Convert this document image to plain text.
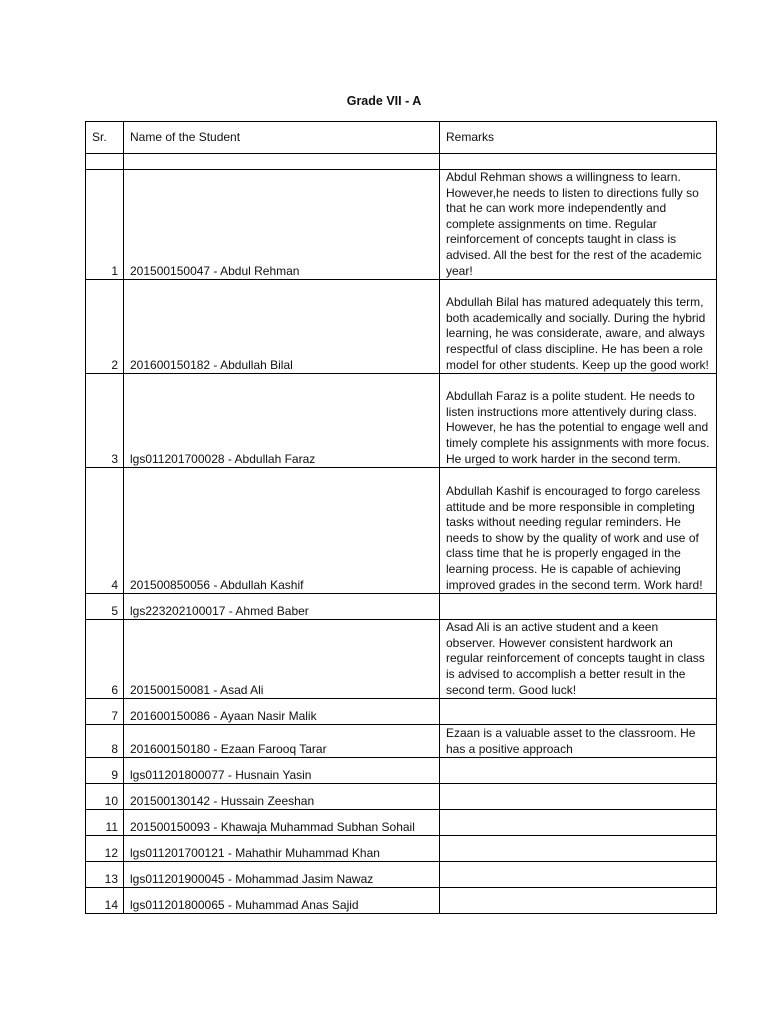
Grade VII - A
Sr.	Name of the Student	Remarks

1	201500150047 - Abdul Rehman	Abdul Rehman shows a willingness to learn. However,he needs to listen to directions fully so that he can work more independently and complete assignments on time. Regular reinforcement of concepts taught in class is advised. All the best for the rest of the academic year!
2	201600150182 - Abdullah Bilal	Abdullah Bilal has matured adequately this term, both academically and socially. During the hybrid learning, he was considerate, aware, and always respectful of class discipline. He has been a role model for other students. Keep up the good work!
3	lgs011201700028 - Abdullah Faraz	Abdullah Faraz is a polite student. He needs to listen instructions more attentively during class. However, he has the potential to engage well and timely complete his assignments with more focus. He urged to work harder in the second term.
4	201500850056 - Abdullah Kashif	Abdullah Kashif is encouraged to forgo careless attitude and be more responsible in completing tasks without needing regular reminders. He needs to show by the quality of work and use of class time that he is properly engaged in the learning process. He is capable of achieving improved grades in the second term. Work hard!
5	lgs223202100017 - Ahmed Baber	
6	201500150081 - Asad Ali	Asad Ali is an active student and a keen observer. However consistent hardwork an regular reinforcement of concepts taught in class is advised to accomplish a better result in the second term. Good luck!
7	201600150086 - Ayaan Nasir Malik	
8	201600150180 - Ezaan Farooq Tarar	Ezaan is a valuable asset to the classroom. He has a positive approach
9	lgs011201800077 - Husnain Yasin	
10	201500130142 - Hussain Zeeshan	
11	201500150093 - Khawaja Muhammad Subhan Sohail	
12	lgs011201700121 - Mahathir Muhammad Khan	
13	lgs011201900045 - Mohammad Jasim Nawaz	
14	lgs011201800065 - Muhammad Anas Sajid	
